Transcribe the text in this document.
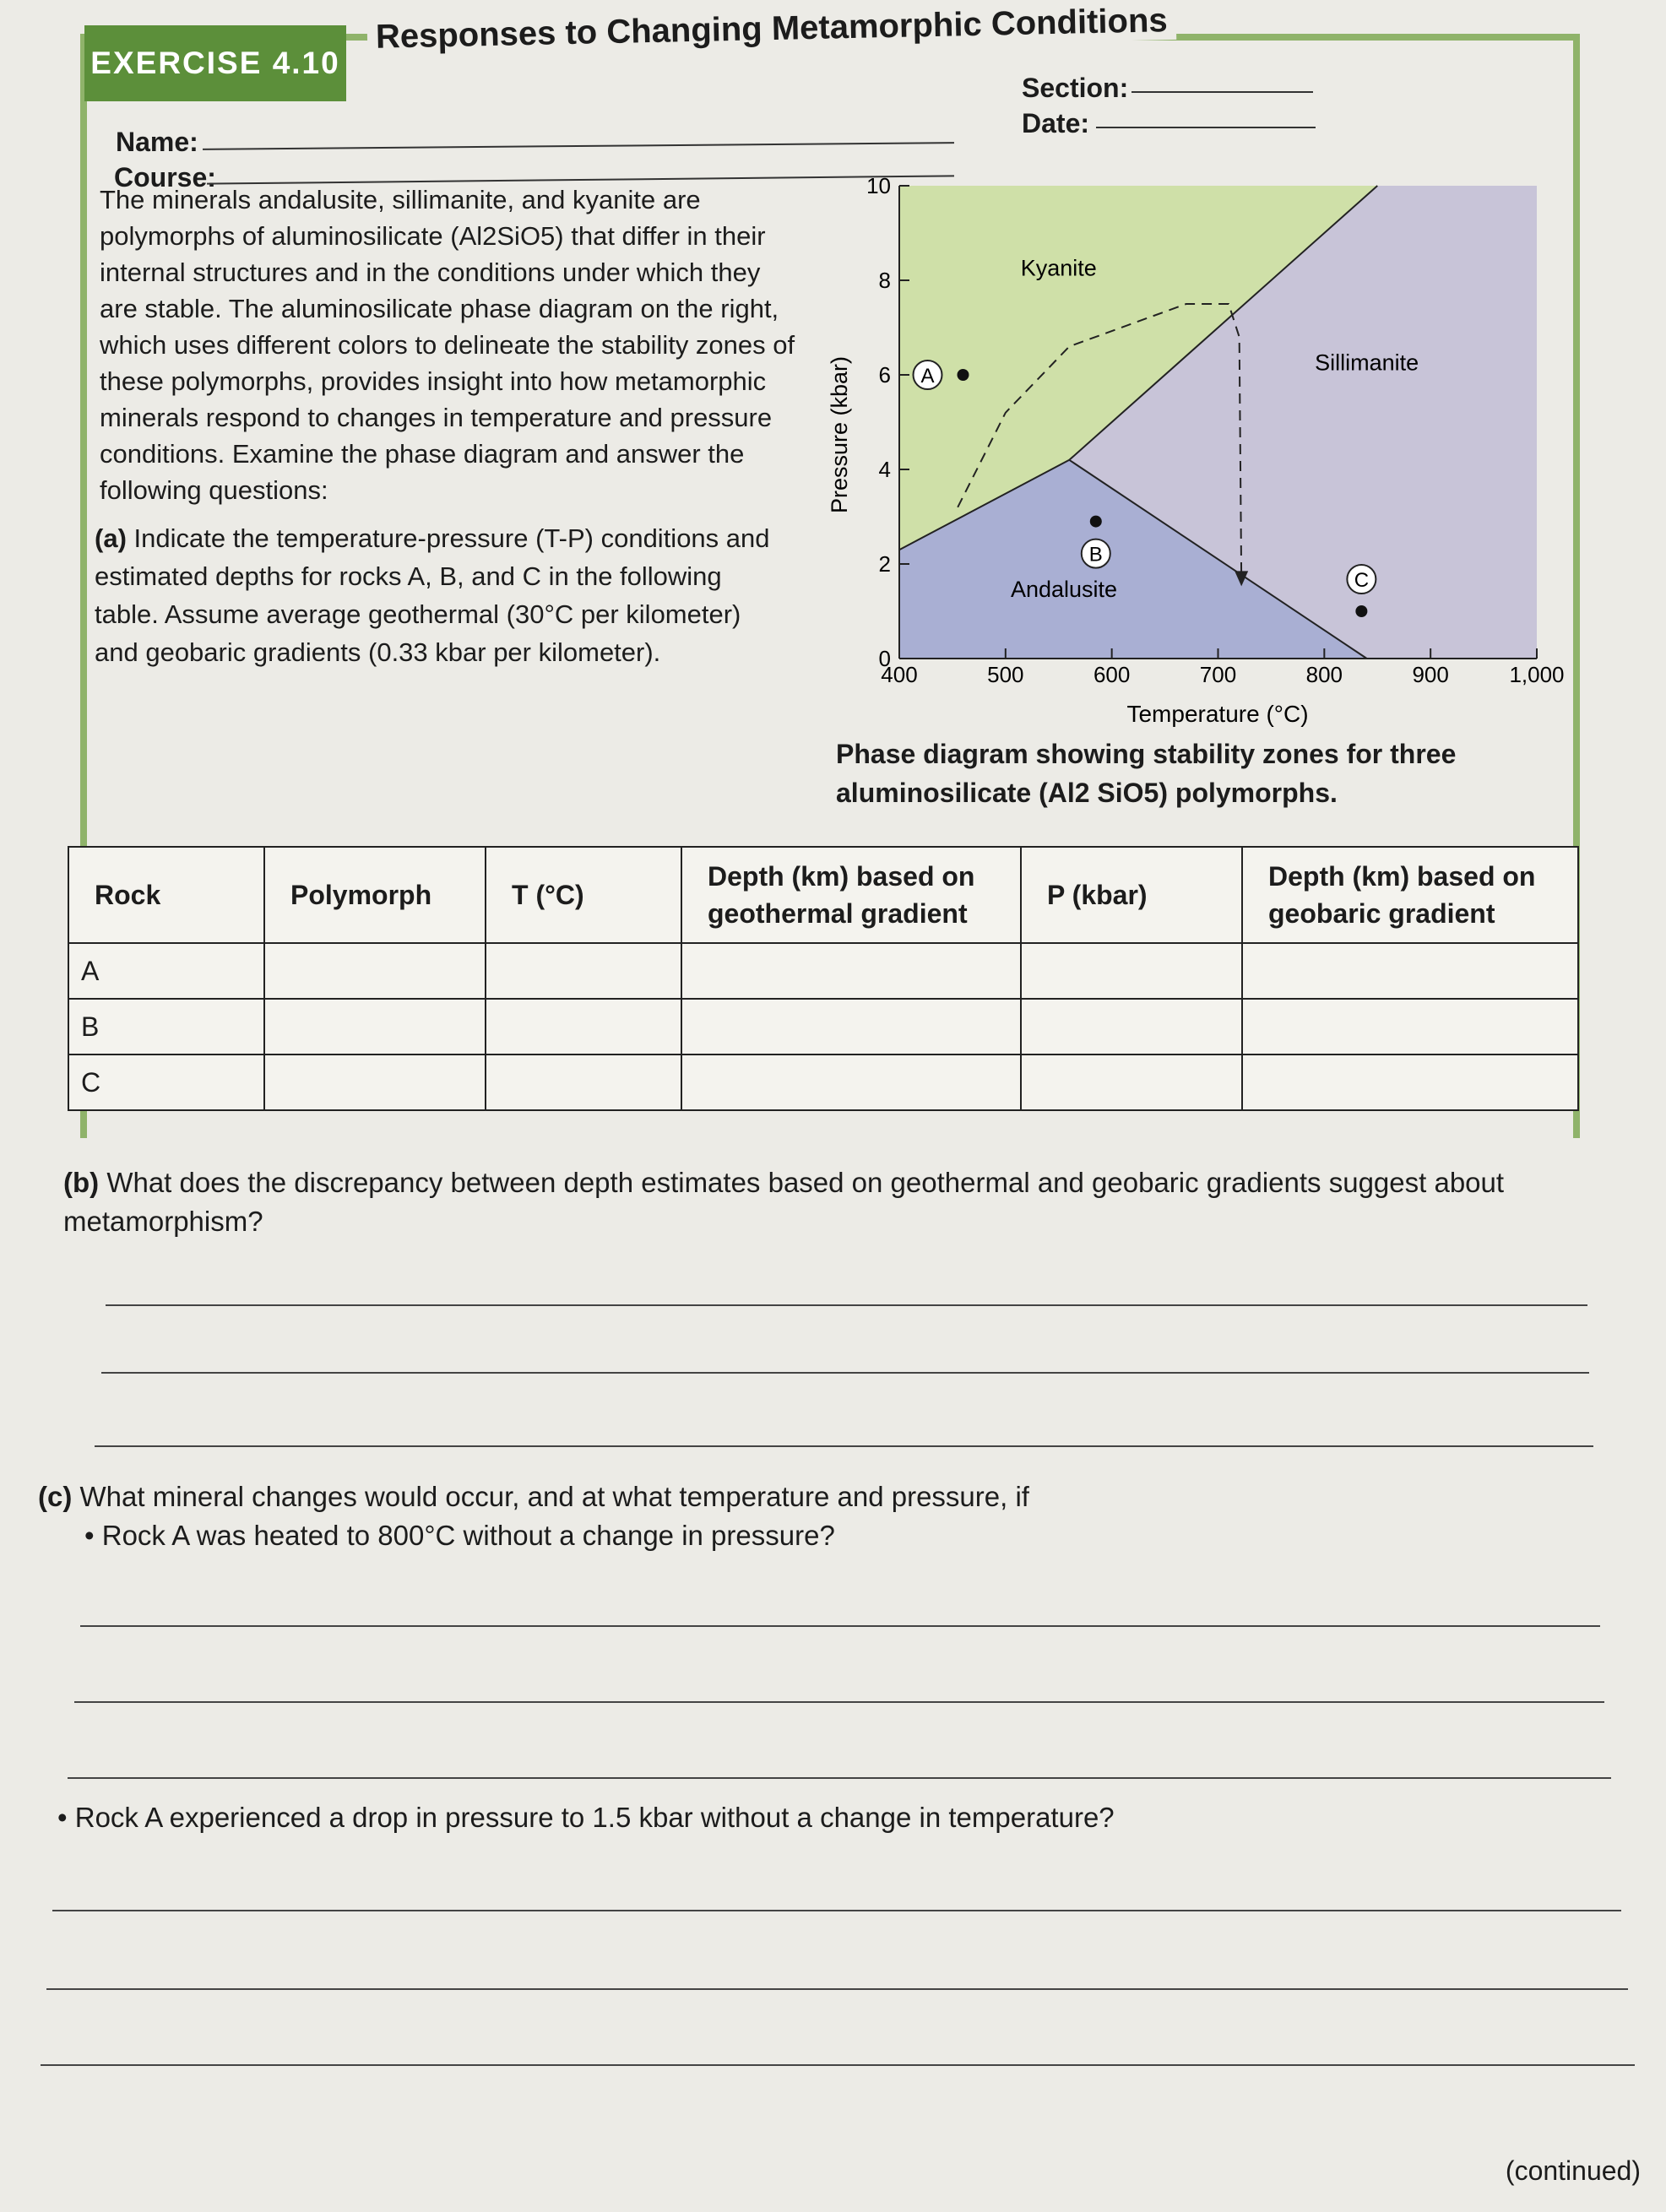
EXERCISE 4.10
Responses to Changing Metamorphic Conditions
Name:
Course:
Section:
Date:
The minerals andalusite, sillimanite, and kyanite are polymorphs of aluminosilicate (Al2SiO5) that differ in their internal structures and in the conditions under which they are stable. The aluminosilicate phase diagram on the right, which uses different colors to delineate the stability zones of these polymorphs, provides insight into how metamorphic minerals respond to changes in temperature and pressure conditions. Examine the phase diagram and answer the following questions:
(a) Indicate the temperature-pressure (T-P) conditions and estimated depths for rocks A, B, and C in the following table. Assume average geothermal (30°C per kilometer) and geobaric gradients (0.33 kbar per kilometer).
400	500	600	700	800	900	1,000
0
2
4
6
8
10
Kyanite
Sillimanite
Andalusite
A
B
C
Pressure (kbar)
Temperature (°C)
Phase diagram showing stability zones for three aluminosilicate (Al2 SiO5) polymorphs.
Rock	Polymorph	T (°C)	Depth (km) based on geothermal gradient	P (kbar)	Depth (km) based on geobaric gradient
A					
B					
C					
(b) What does the discrepancy between depth estimates based on geothermal and geobaric gradients suggest about metamorphism?
(c) What mineral changes would occur, and at what temperature and pressure, if
• Rock A was heated to 800°C without a change in pressure?
• Rock A experienced a drop in pressure to 1.5 kbar without a change in temperature?
(continued)
